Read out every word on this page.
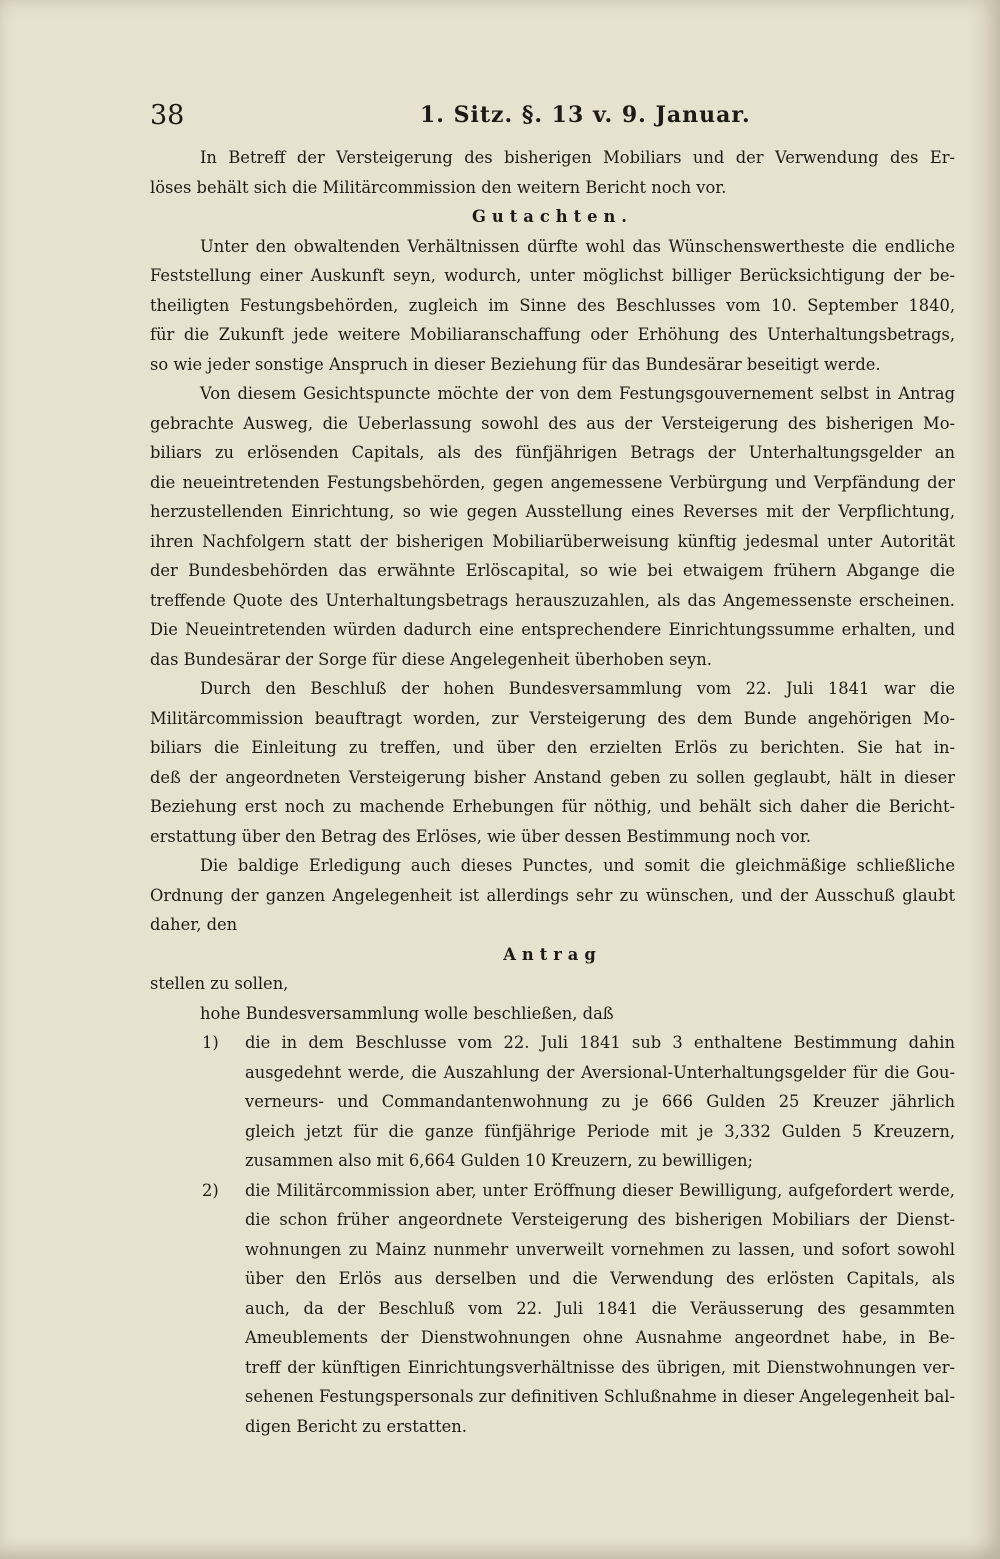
38	1. Sitz. §. 13 v. 9. Januar.
In Betreff der Versteigerung des bisherigen Mobiliars und der Verwendung des Er-
löses behält sich die Militärcommission den weitern Bericht noch vor.
Gutachten.
Unter den obwaltenden Verhältnissen dürfte wohl das Wünschenswertheste die endliche
Feststellung einer Auskunft seyn, wodurch, unter möglichst billiger Berücksichtigung der be-
theiligten Festungsbehörden, zugleich im Sinne des Beschlusses vom 10. September 1840,
für die Zukunft jede weitere Mobiliaranschaffung oder Erhöhung des Unterhaltungsbetrags,
so wie jeder sonstige Anspruch in dieser Beziehung für das Bundesärar beseitigt werde.
Von diesem Gesichtspuncte möchte der von dem Festungsgouvernement selbst in Antrag
gebrachte Ausweg, die Ueberlassung sowohl des aus der Versteigerung des bisherigen Mo-
biliars zu erlösenden Capitals, als des fünfjährigen Betrags der Unterhaltungsgelder an
die neueintretenden Festungsbehörden, gegen angemessene Verbürgung und Verpfändung der
herzustellenden Einrichtung, so wie gegen Ausstellung eines Reverses mit der Verpflichtung,
ihren Nachfolgern statt der bisherigen Mobiliarüberweisung künftig jedesmal unter Autorität
der Bundesbehörden das erwähnte Erlöscapital, so wie bei etwaigem frühern Abgange die
treffende Quote des Unterhaltungsbetrags herauszuzahlen, als das Angemessenste erscheinen.
Die Neueintretenden würden dadurch eine entsprechendere Einrichtungssumme erhalten, und
das Bundesärar der Sorge für diese Angelegenheit überhoben seyn.
Durch den Beschluß der hohen Bundesversammlung vom 22. Juli 1841 war die
Militärcommission beauftragt worden, zur Versteigerung des dem Bunde angehörigen Mo-
biliars die Einleitung zu treffen, und über den erzielten Erlös zu berichten. Sie hat in-
deß der angeordneten Versteigerung bisher Anstand geben zu sollen geglaubt, hält in dieser
Beziehung erst noch zu machende Erhebungen für nöthig, und behält sich daher die Bericht-
erstattung über den Betrag des Erlöses, wie über dessen Bestimmung noch vor.
Die baldige Erledigung auch dieses Punctes, und somit die gleichmäßige schließliche
Ordnung der ganzen Angelegenheit ist allerdings sehr zu wünschen, und der Ausschuß glaubt
daher, den
Antrag
stellen zu sollen,
hohe Bundesversammlung wolle beschließen, daß
1) die in dem Beschlusse vom 22. Juli 1841 sub 3 enthaltene Bestimmung dahin
ausgedehnt werde, die Auszahlung der Aversional-Unterhaltungsgelder für die Gou-
verneurs- und Commandantenwohnung zu je 666 Gulden 25 Kreuzer jährlich
gleich jetzt für die ganze fünfjährige Periode mit je 3,332 Gulden 5 Kreuzern,
zusammen also mit 6,664 Gulden 10 Kreuzern, zu bewilligen;
2) die Militärcommission aber, unter Eröffnung dieser Bewilligung, aufgefordert werde,
die schon früher angeordnete Versteigerung des bisherigen Mobiliars der Dienst-
wohnungen zu Mainz nunmehr unverweilt vornehmen zu lassen, und sofort sowohl
über den Erlös aus derselben und die Verwendung des erlösten Capitals, als
auch, da der Beschluß vom 22. Juli 1841 die Veräusserung des gesammten
Ameublements der Dienstwohnungen ohne Ausnahme angeordnet habe, in Be-
treff der künftigen Einrichtungsverhältnisse des übrigen, mit Dienstwohnungen ver-
sehenen Festungspersonals zur definitiven Schlußnahme in dieser Angelegenheit bal-
digen Bericht zu erstatten.
